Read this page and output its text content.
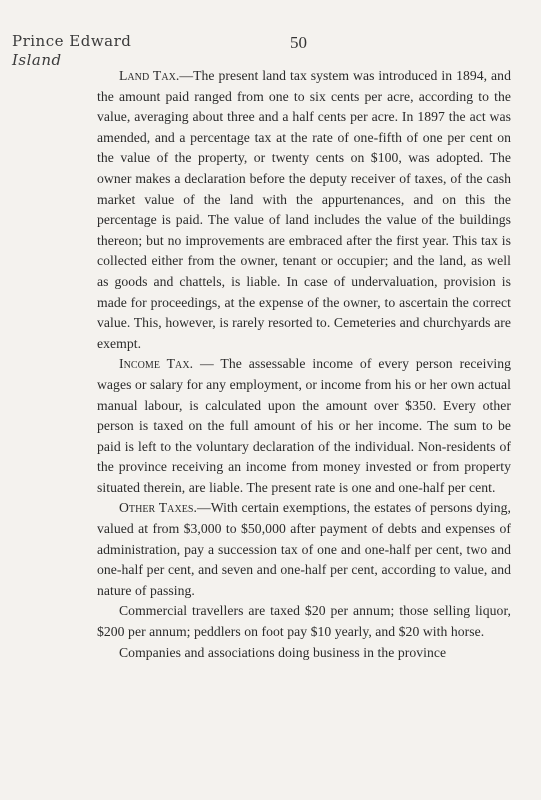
Prince Edward
Island
50

Land Tax.—The present land tax system was introduced in 1894, and the amount paid ranged from one to six cents per acre, according to the value, averaging about three and a half cents per acre. In 1897 the act was amended, and a percentage tax at the rate of one-fifth of one per cent on the value of the property, or twenty cents on $100, was adopted. The owner makes a declaration before the deputy receiver of taxes, of the cash market value of the land with the appurtenances, and on this the percentage is paid. The value of land includes the value of the buildings thereon; but no improvements are embraced after the first year. This tax is collected either from the owner, tenant or occupier; and the land, as well as goods and chattels, is liable. In case of undervaluation, provision is made for proceedings, at the expense of the owner, to ascertain the correct value. This, however, is rarely resorted to. Cemeteries and churchyards are exempt.

Income Tax. — The assessable income of every person receiving wages or salary for any employment, or income from his or her own actual manual labour, is calculated upon the amount over $350. Every other person is taxed on the full amount of his or her income. The sum to be paid is left to the voluntary declaration of the individual. Non-residents of the province receiving an income from money invested or from property situated therein, are liable. The present rate is one and one-half per cent.

Other Taxes.—With certain exemptions, the estates of persons dying, valued at from $3,000 to $50,000 after payment of debts and expenses of administration, pay a succession tax of one and one-half per cent, two and one-half per cent, and seven and one-half per cent, according to value, and nature of passing.

Commercial travellers are taxed $20 per annum; those selling liquor, $200 per annum; peddlers on foot pay $10 yearly, and $20 with horse.

Companies and associations doing business in the province
